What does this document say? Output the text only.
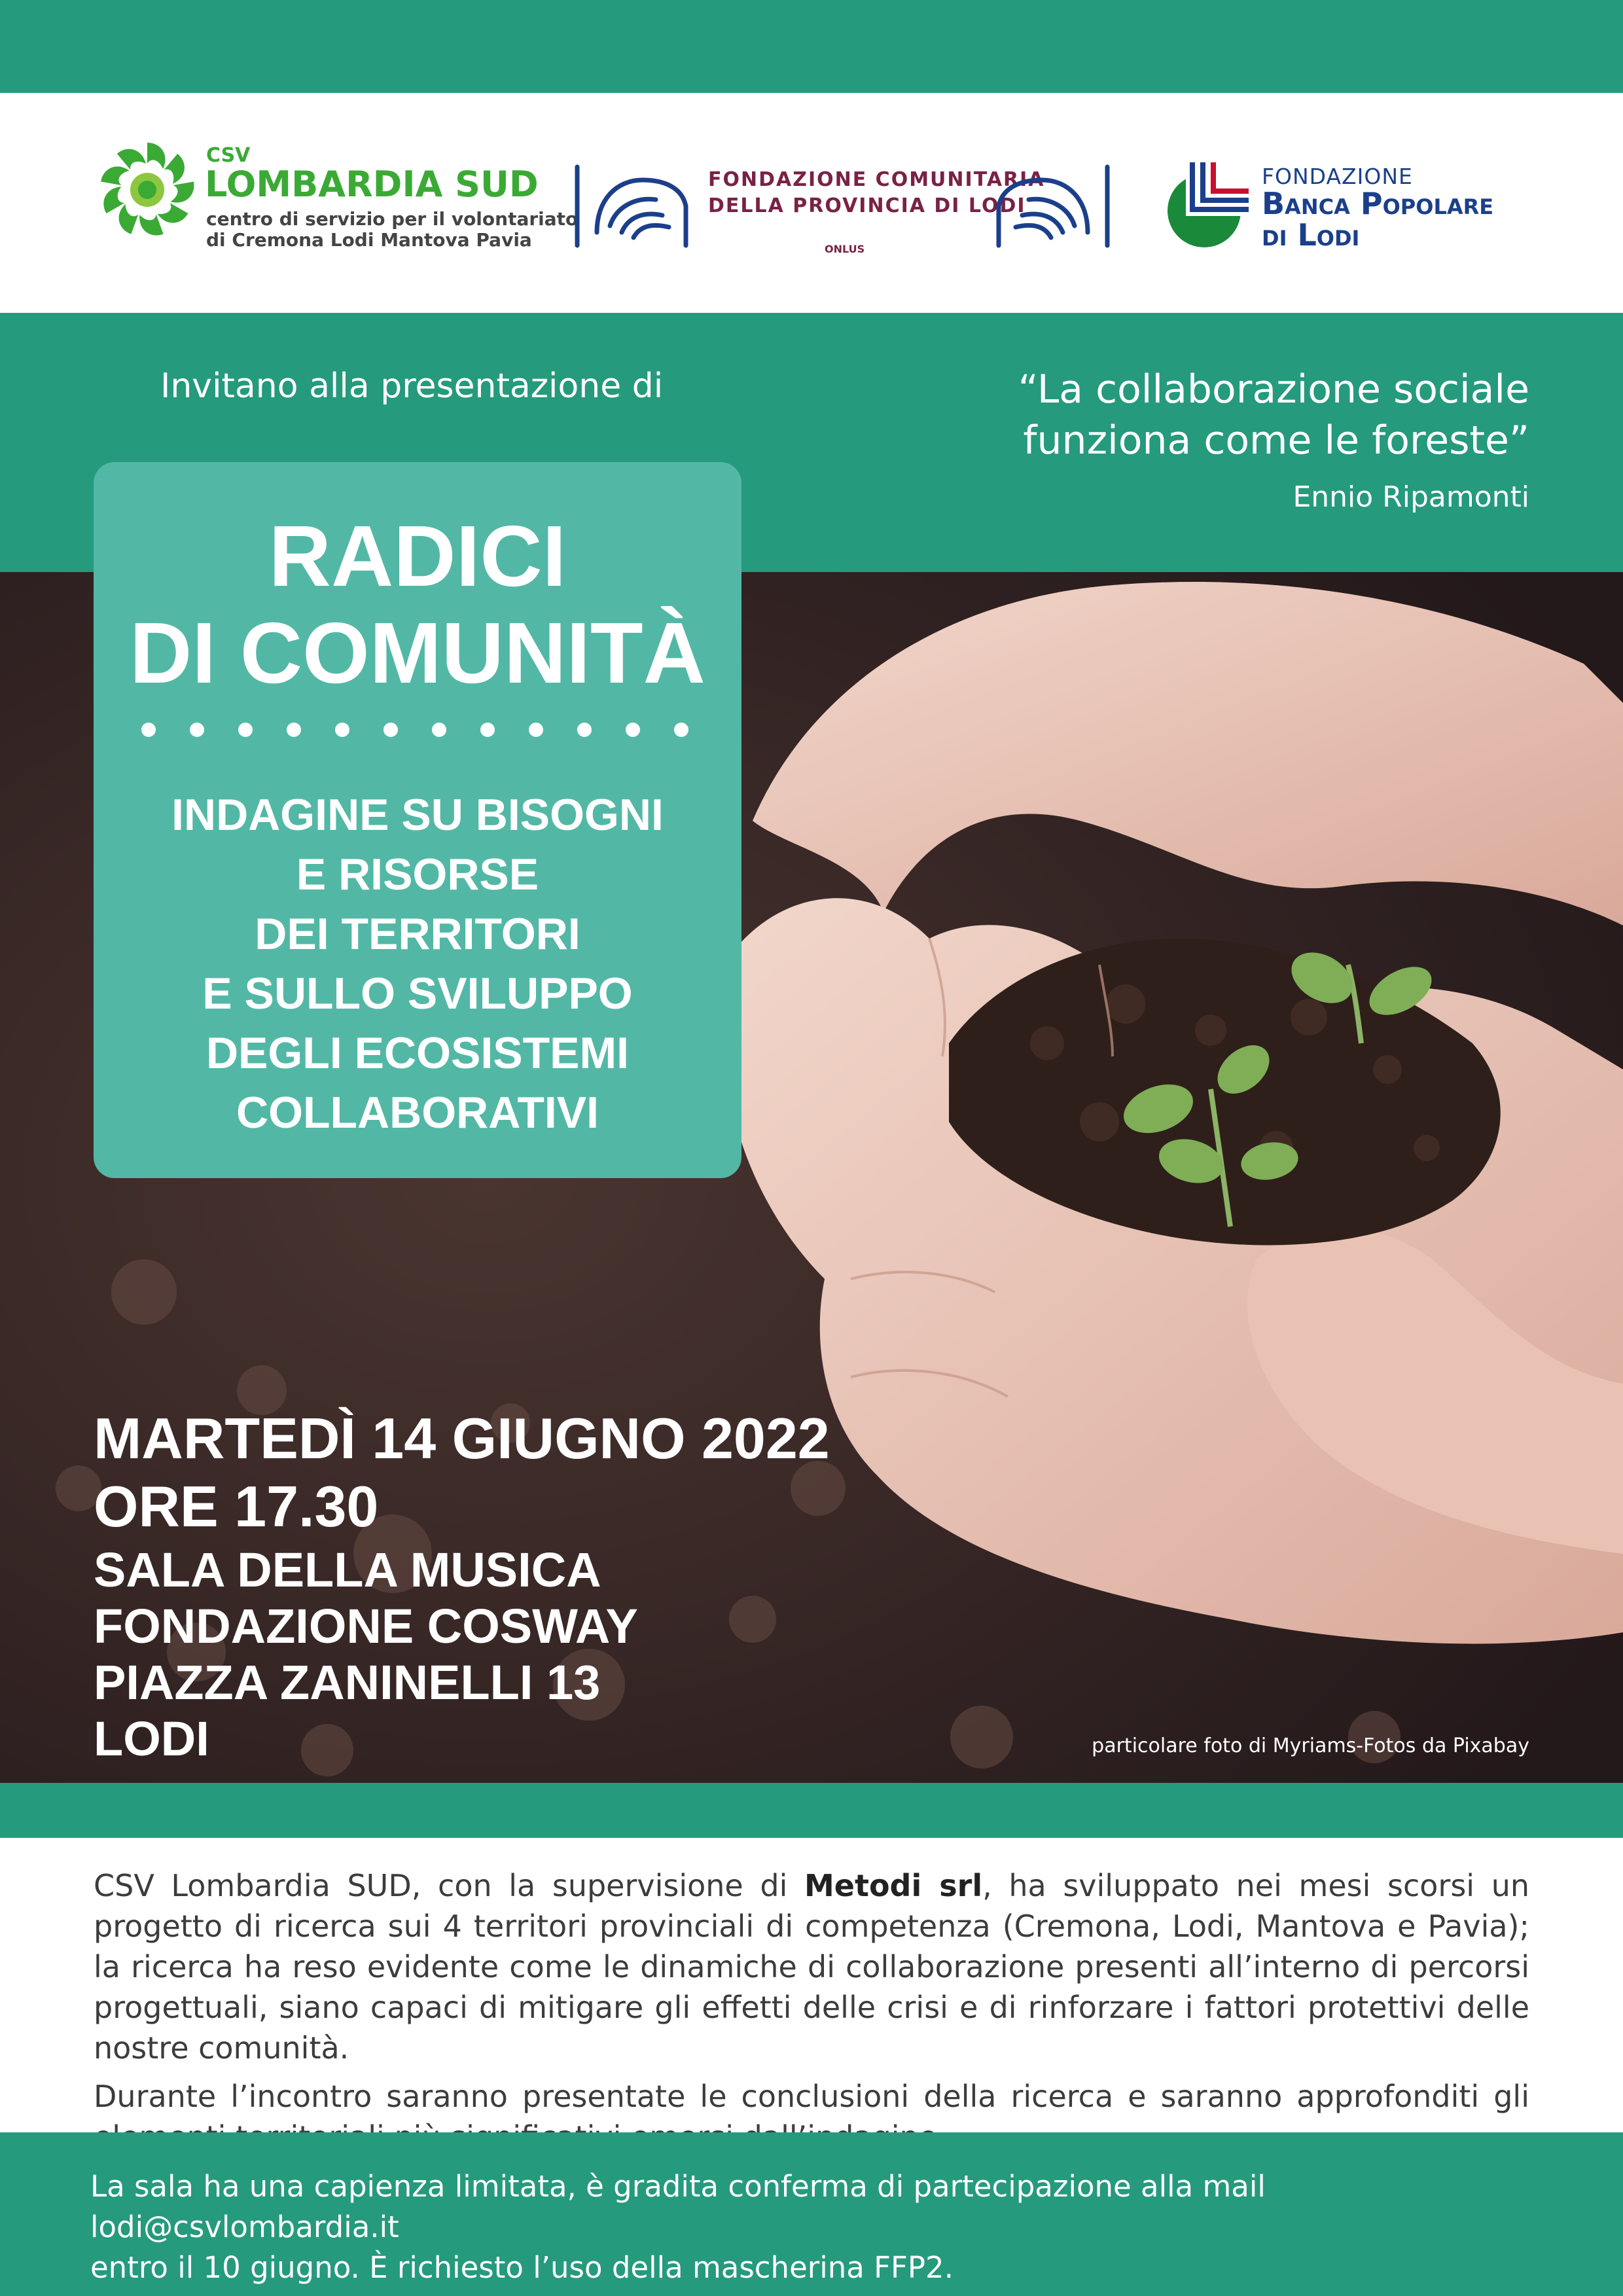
CSV
LOMBARDIA SUD
centro di servizio per il volontariato
di Cremona Lodi Mantova Pavia
FONDAZIONE COMUNITARIA
DELLA PROVINCIA DI LODI
ONLUS
FONDAZIONE
Banca Popolare
di Lodi
Invitano alla presentazione di	“La collaborazione sociale funziona come le foreste”
Ennio Ripamonti
RADICI
DI COMUNITÀ
INDAGINE SU BISOGNI
E RISORSE
DEI TERRITORI
E SULLO SVILUPPO
DEGLI ECOSISTEMI
COLLABORATIVI
MARTEDÌ 14 GIUGNO 2022
ORE 17.30
SALA DELLA MUSICA
FONDAZIONE COSWAY
PIAZZA ZANINELLI 13
LODI	particolare foto di Myriams-Fotos da Pixabay

CSV Lombardia SUD, con la supervisione di Metodi srl, ha sviluppato nei mesi scorsi un progetto di ricerca sui 4 territori provinciali di competenza (Cremona, Lodi, Mantova e Pavia); la ricerca ha reso evidente come le dinamiche di collaborazione presenti all’interno di percorsi progettuali, siano capaci di mitigare gli effetti delle crisi e di rinforzare i fattori protettivi delle nostre comunità.

Durante l’incontro saranno presentate le conclusioni della ricerca e saranno approfonditi gli

La sala ha una capienza limitata, è gradita conferma di partecipazione alla mail lodi@csvlombardia.it
entro il 10 giugno. È richiesto l’uso della mascherina FFP2.
